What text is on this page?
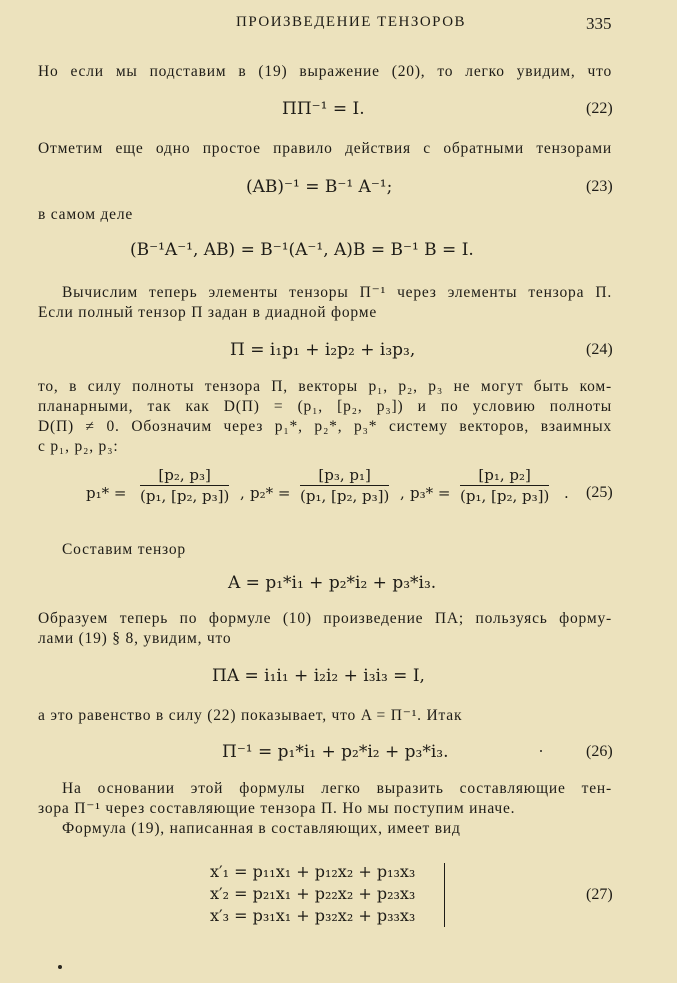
ПРОИЗВЕДЕНИЕ ТЕНЗОРОВ	335
Но если мы подставим в (19) выражение (20), то легко увидим, что
ΠΠ⁻¹ = I.	(22)
Отметим еще одно простое правило действия с обратными тензорами
(AB)⁻¹ = B⁻¹ A⁻¹;	(23)
в самом деле
(B⁻¹A⁻¹, AB) = B⁻¹(A⁻¹, A)B = B⁻¹ B = I.
Вычислим теперь элементы тензоры Π⁻¹ через элементы тензора Π.
Если полный тензор Π задан в диадной форме
Π = i₁p₁ + i₂p₂ + i₃p₃,	(24)
то, в силу полноты тензора Π, векторы p₁, p₂, p₃ не могут быть ком-
планарными, так как D(Π) = (p₁, [p₂, p₃]) и по условию полноты
D(Π) ≠ 0. Обозначим через p₁*, p₂*, p₃* систему векторов, взаимных
с p₁, p₂, p₃:
$p_1* = \frac{\text{[p₂, p₃]}}{\text{(p₁, [p₂, p₃])}}$ , $p_2* = \frac{\text{[p₃, p₁]}}{\text{(p₁, [p₂, p₃])}}$ , $p_3* = \frac{\text{[p₁, p₂]}}{\text{(p₁, [p₂, p₃])}}$ . (25)
Составим тензор
A = p₁*i₁ + p₂*i₂ + p₃*i₃.
Образуем теперь по формуле (10) произведение ΠA; пользуясь форму-
лами (19) § 8, увидим, что
ΠA = i₁i₁ + i₂i₂ + i₃i₃ = I,
а это равенство в силу (22) показывает, что A = Π⁻¹. Итак
Π⁻¹ = p₁*i₁ + p₂*i₂ + p₃*i₃.	(26)
На основании этой формулы легко выразить составляющие тен-
зора Π⁻¹ через составляющие тензора Π. Но мы поступим иначе.
Формула (19), написанная в составляющих, имеет вид
x′₁ = p₁₁x₁ + p₁₂x₂ + p₁₃x₃
x′₂ = p₂₁x₁ + p₂₂x₂ + p₂₃x₃
x′₃ = p₃₁x₁ + p₃₂x₂ + p₃₃x₃
(27)
